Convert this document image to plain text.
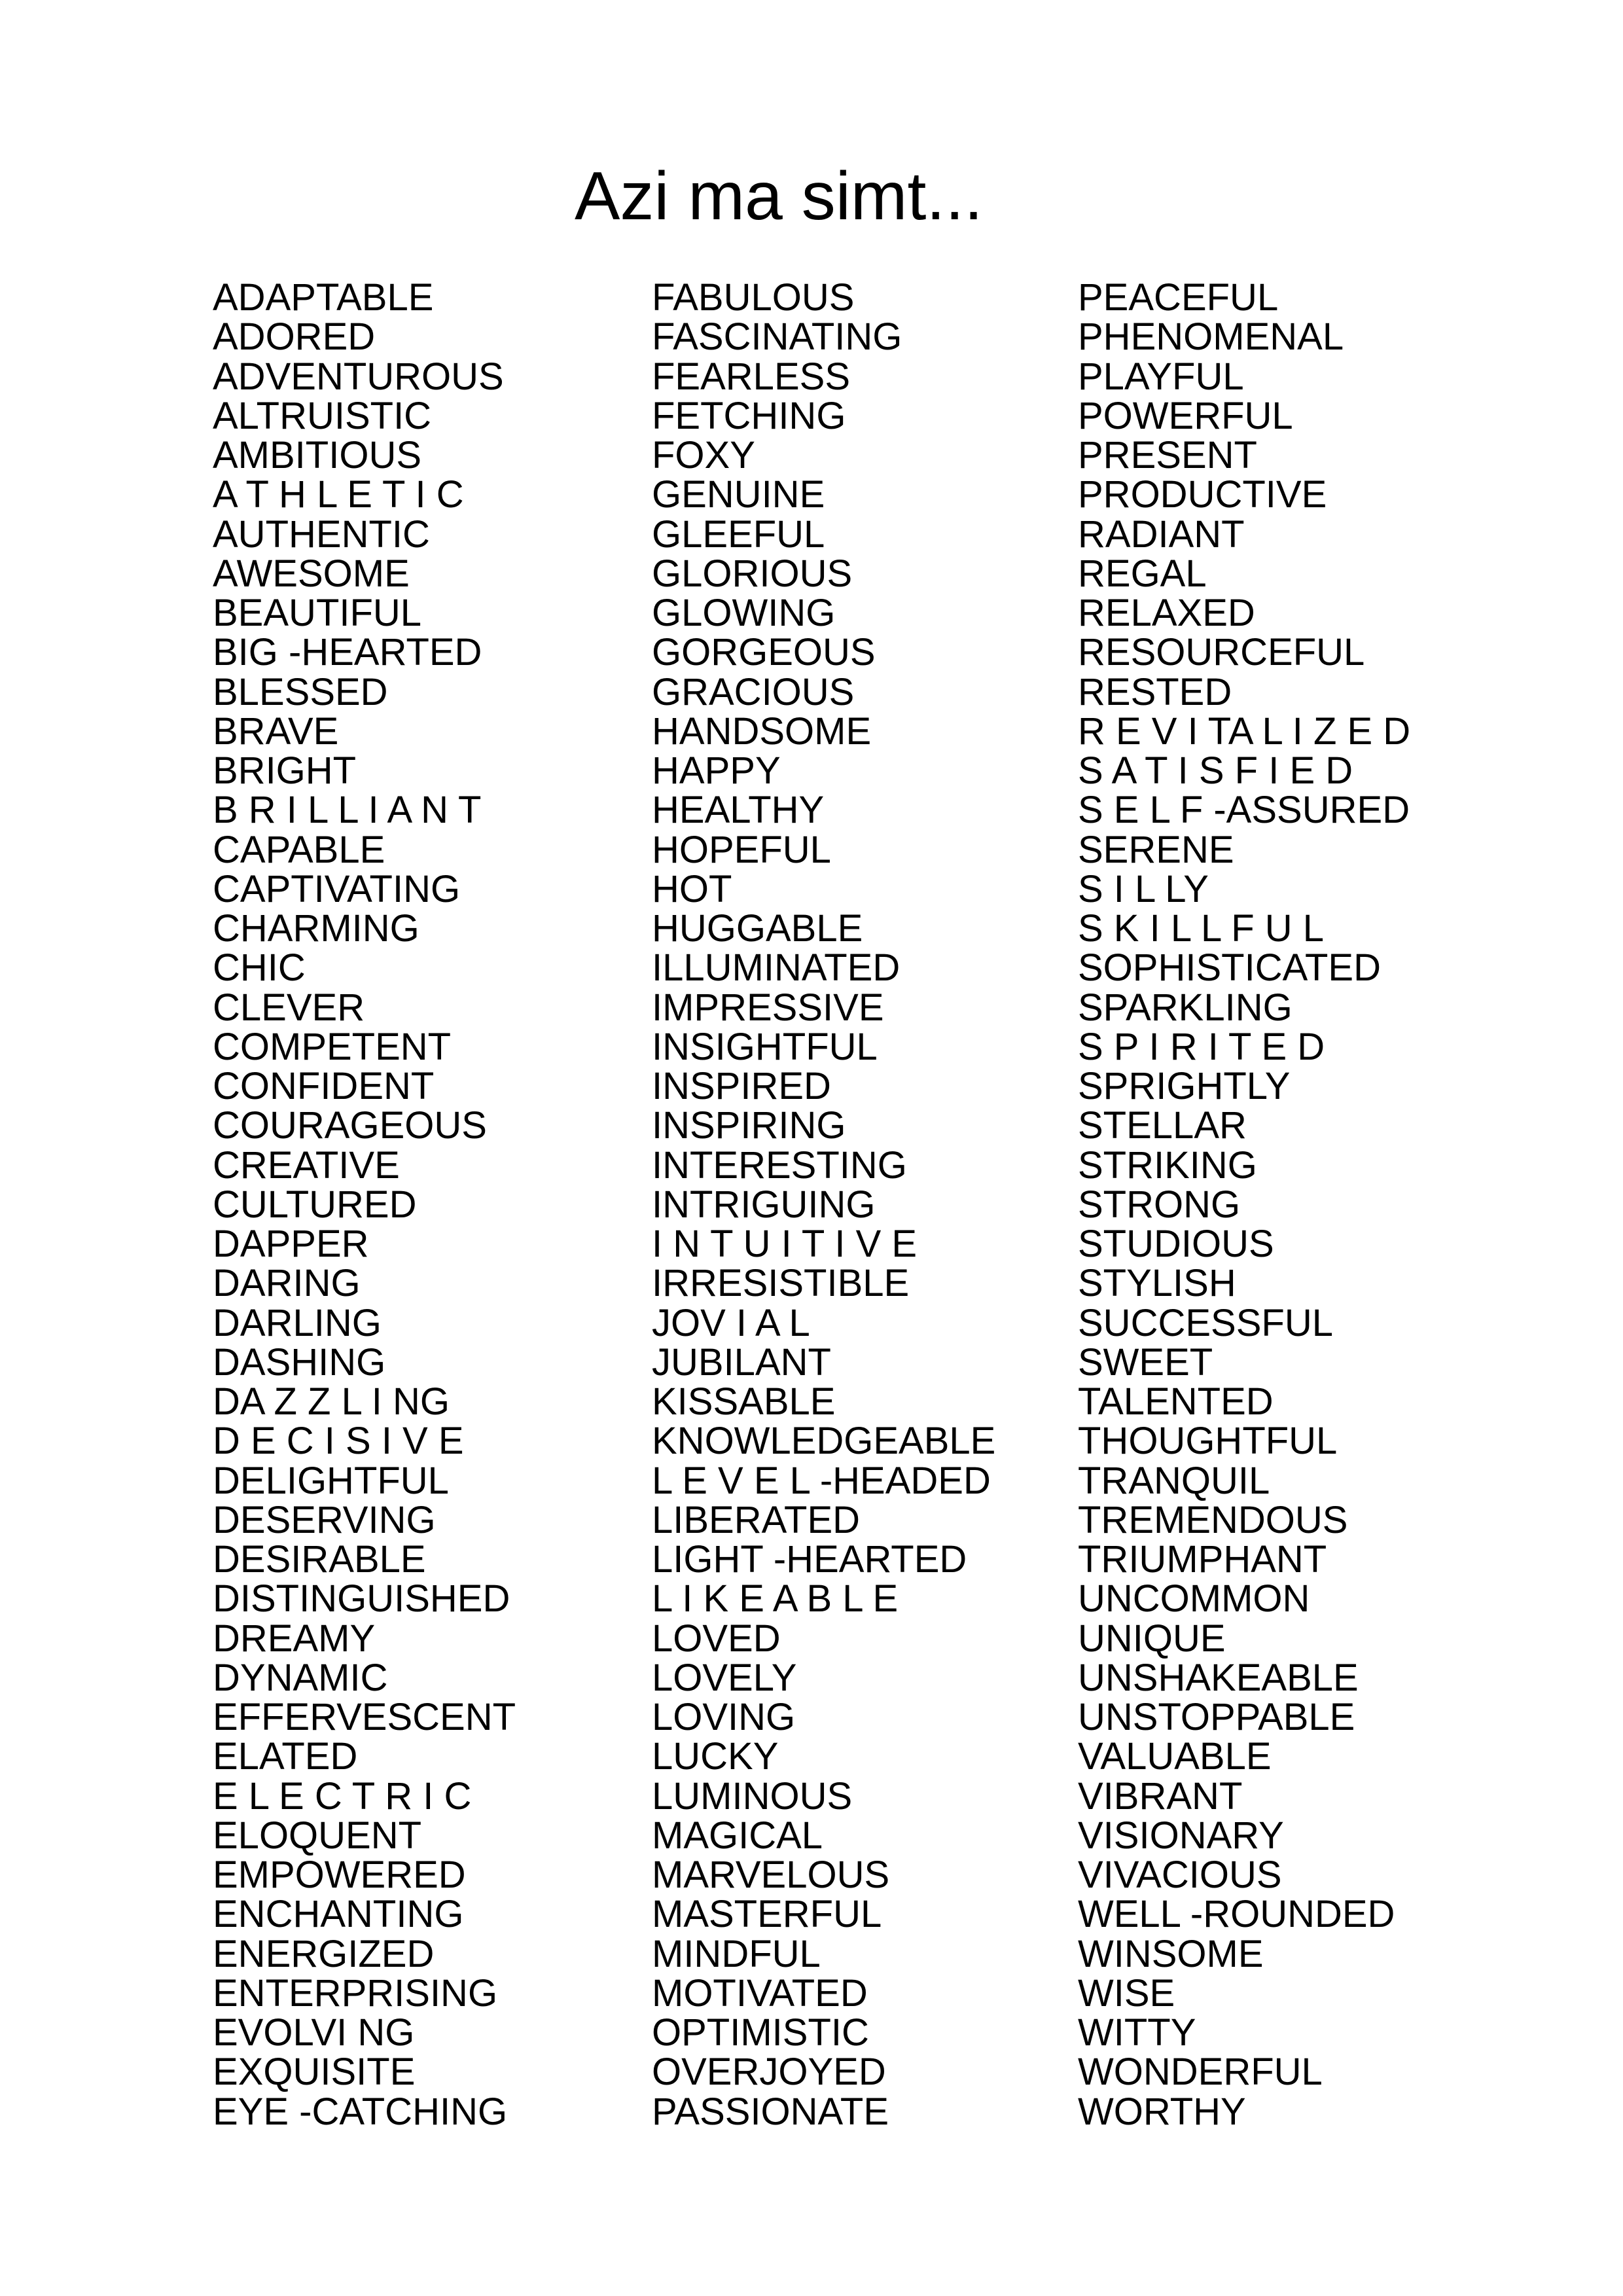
Azi ma simt...
ADAPTABLE
ADORED
ADVENTUROUS
ALTRUISTIC
AMBITIOUS
A T H L E T I C
AUTHENTIC
AWESOME
BEAUTIFUL
BIG -HEARTED
BLESSED
BRAVE
BRIGHT
B R I L L I A N T
CAPABLE
CAPTIVATING
CHARMING
CHIC
CLEVER
COMPETENT
CONFIDENT
COURAGEOUS
CREATIVE
CULTURED
DAPPER
DARING
DARLING
DASHING
DA Z Z L I NG
D E C I S I V E
DELIGHTFUL
DESERVING
DESIRABLE
DISTINGUISHED
DREAMY
DYNAMIC
EFFERVESCENT
ELATED
E L E C T R I C
ELOQUENT
EMPOWERED
ENCHANTING
ENERGIZED
ENTERPRISING
EVOLVI NG
EXQUISITE
EYE -CATCHING
FABULOUS
FASCINATING
FEARLESS
FETCHING
FOXY
GENUINE
GLEEFUL
GLORIOUS
GLOWING
GORGEOUS
GRACIOUS
HANDSOME
HAPPY
HEALTHY
HOPEFUL
HOT
HUGGABLE
ILLUMINATED
IMPRESSIVE
INSIGHTFUL
INSPIRED
INSPIRING
INTERESTING
INTRIGUING
I N T U I T I V E
IRRESISTIBLE
JOV I A L
JUBILANT
KISSABLE
KNOWLEDGEABLE
L E V E L -HEADED
LIBERATED
LIGHT -HEARTED
L I K E A B L E
LOVED
LOVELY
LOVING
LUCKY
LUMINOUS
MAGICAL
MARVELOUS
MASTERFUL
MINDFUL
MOTIVATED
OPTIMISTIC
OVERJOYED
PASSIONATE
PEACEFUL
PHENOMENAL
PLAYFUL
POWERFUL
PRESENT
PRODUCTIVE
RADIANT
REGAL
RELAXED
RESOURCEFUL
RESTED
R E V I TA L I Z E D
S A T I S F I E D
S E L F -ASSURED
SERENE
S I L LY
S K I L L F U L
SOPHISTICATED
SPARKLING
S P I R I T E D
SPRIGHTLY
STELLAR
STRIKING
STRONG
STUDIOUS
STYLISH
SUCCESSFUL
SWEET
TALENTED
THOUGHTFUL
TRANQUIL
TREMENDOUS
TRIUMPHANT
UNCOMMON
UNIQUE
UNSHAKEABLE
UNSTOPPABLE
VALUABLE
VIBRANT
VISIONARY
VIVACIOUS
WELL -ROUNDED
WINSOME
WISE
WITTY
WONDERFUL
WORTHY
